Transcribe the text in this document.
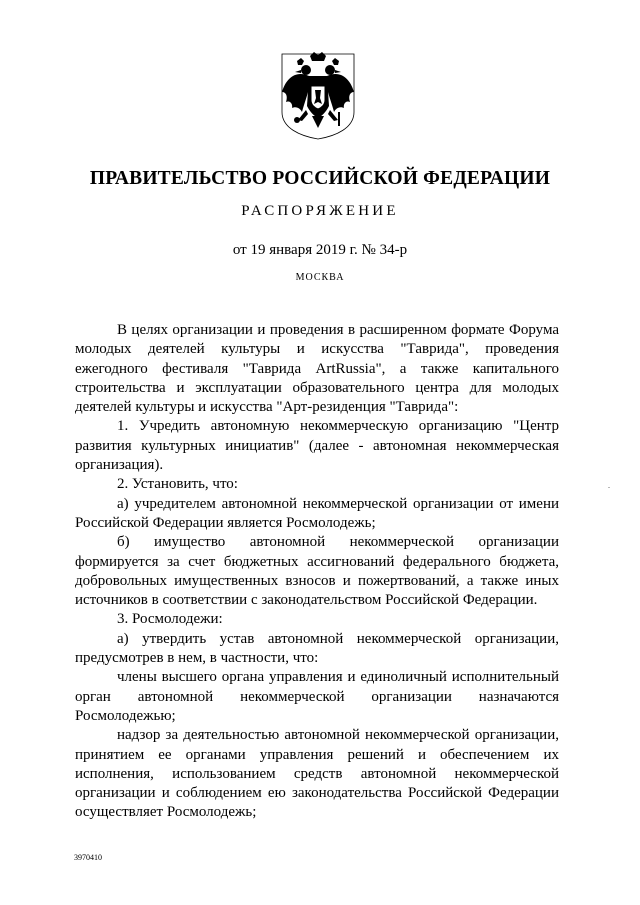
ПРАВИТЕЛЬСТВО РОССИЙСКОЙ ФЕДЕРАЦИИ
РАСПОРЯЖЕНИЕ
от 19 января 2019 г. № 34-р
МОСКВА

В целях организации и проведения в расширенном формате Форума молодых деятелей культуры и искусства "Таврида", проведения ежегодного фестиваля "Таврида ArtRussia", а также капитального строительства и эксплуатации образовательного центра для молодых деятелей культуры и искусства "Арт-резиденция "Таврида":

1. Учредить автономную некоммерческую организацию "Центр развития культурных инициатив" (далее - автономная некоммерческая организация).

2. Установить, что:

а) учредителем автономной некоммерческой организации от имени Российской Федерации является Росмолодежь;

б) имущество автономной некоммерческой организации формируется за счет бюджетных ассигнований федерального бюджета, добровольных имущественных взносов и пожертвований, а также иных источников в соответствии с законодательством Российской Федерации.

3. Росмолодежи:

а) утвердить устав автономной некоммерческой организации, предусмотрев в нем, в частности, что:

члены высшего органа управления и единоличный исполнительный орган автономной некоммерческой организации назначаются Росмолодежью;

надзор за деятельностью автономной некоммерческой организации, принятием ее органами управления решений и обеспечением их исполнения, использованием средств автономной некоммерческой организации и соблюдением ею законодательства Российской Федерации осуществляет Росмолодежь;

.
3970410
